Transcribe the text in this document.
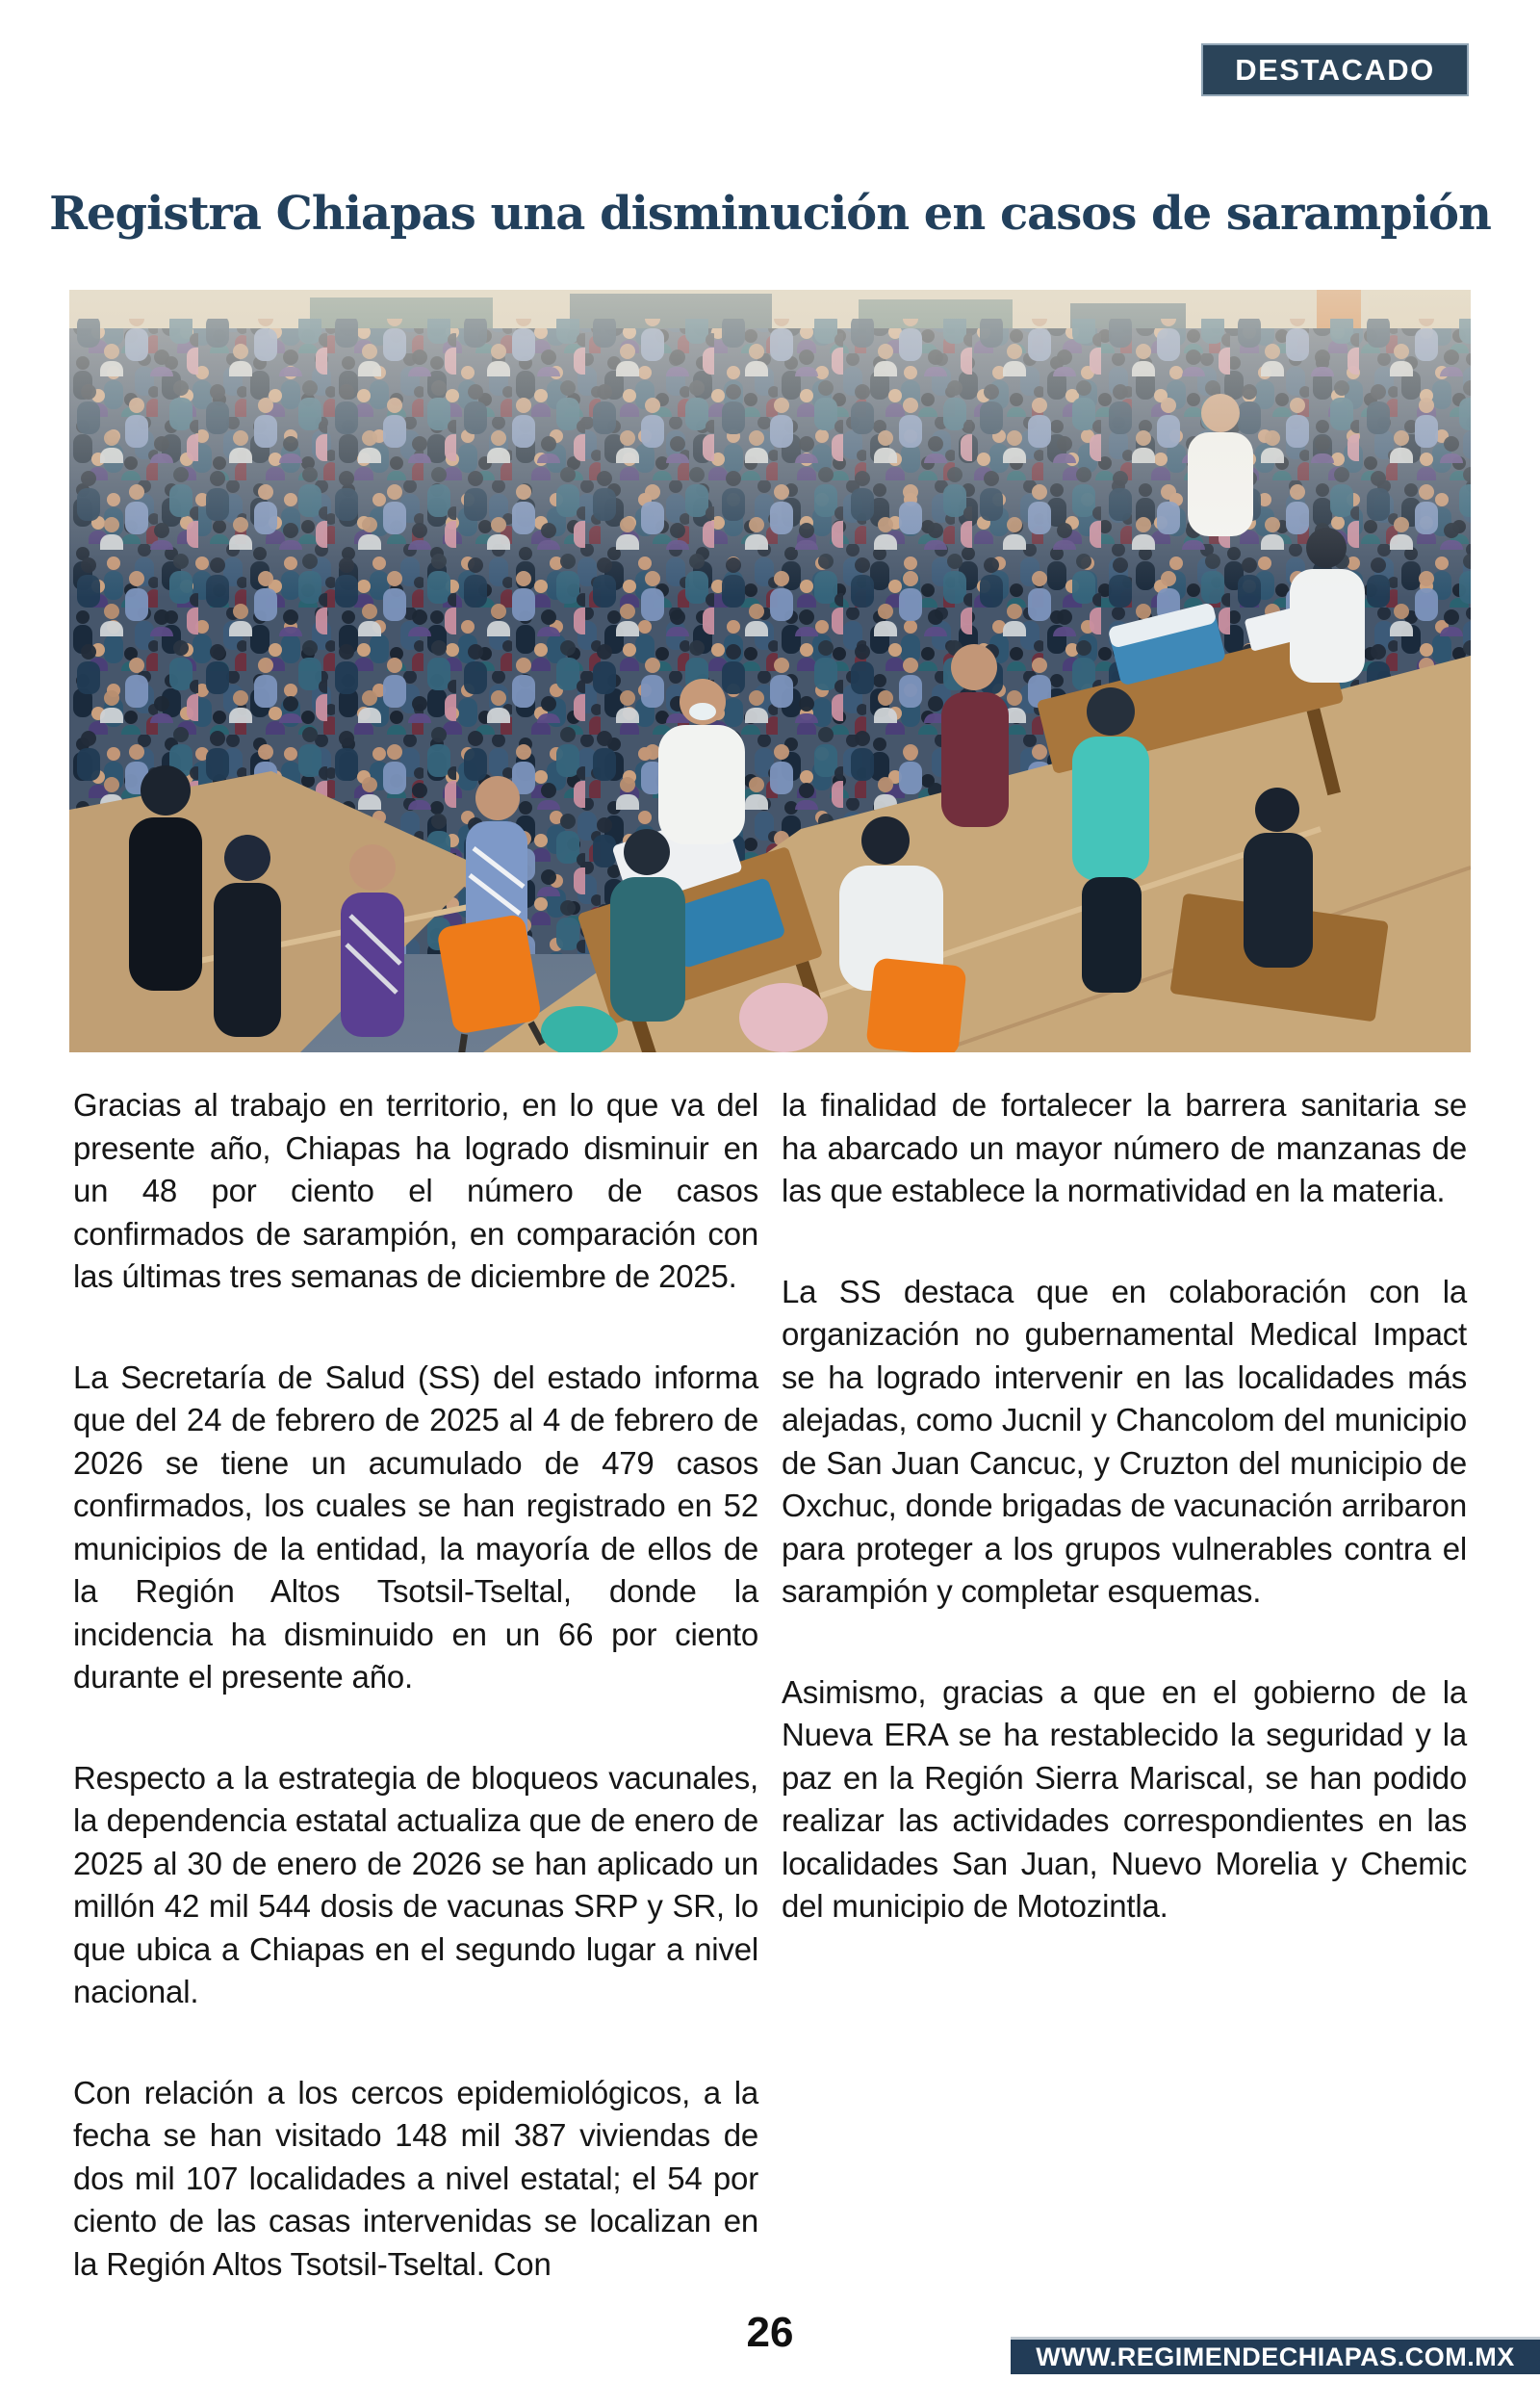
DESTACADO
Registra Chiapas una disminución en casos de sarampión

Gracias al trabajo en territorio, en lo que va del presente año, Chiapas ha logrado disminuir en un 48 por ciento el número de casos confirmados de sarampión, en comparación con las últimas tres semanas de diciembre de 2025.

La Secretaría de Salud (SS) del estado informa que del 24 de febrero de 2025 al 4 de febrero de 2026 se tiene un acumulado de 479 casos confirmados, los cuales se han registrado en 52 municipios de la entidad, la mayoría de ellos de la Región Altos Tsotsil-Tseltal, donde la incidencia ha disminuido en un 66 por ciento durante el presente año.

Respecto a la estrategia de bloqueos vacunales, la dependencia estatal actualiza que de enero de 2025 al 30 de enero de 2026 se han aplicado un millón 42 mil 544 dosis de vacunas SRP y SR, lo que ubica a Chiapas en el segundo lugar a nivel nacional.

Con relación a los cercos epidemiológicos, a la fecha se han visitado 148 mil 387 viviendas de dos mil 107 localidades a nivel estatal; el 54 por ciento de las casas intervenidas se localizan en la Región Altos Tsotsil-Tseltal. Con

la finalidad de fortalecer la barrera sanitaria se ha abarcado un mayor número de manzanas de las que establece la normatividad en la materia.

La SS destaca que en colaboración con la organización no gubernamental Medical Impact se ha logrado intervenir en las localidades más alejadas, como Jucnil y Chancolom del municipio de San Juan Cancuc, y Cruzton del municipio de Oxchuc, donde brigadas de vacunación arribaron para proteger a los grupos vulnerables contra el sarampión y completar esquemas.

Asimismo, gracias a que en el gobierno de la Nueva ERA se ha restablecido la seguridad y la paz en la Región Sierra Mariscal, se han podido realizar las actividades correspondientes en las localidades San Juan, Nuevo Morelia y Chemic del municipio de Motozintla.

26
WWW.REGIMENDECHIAPAS.COM.MX
